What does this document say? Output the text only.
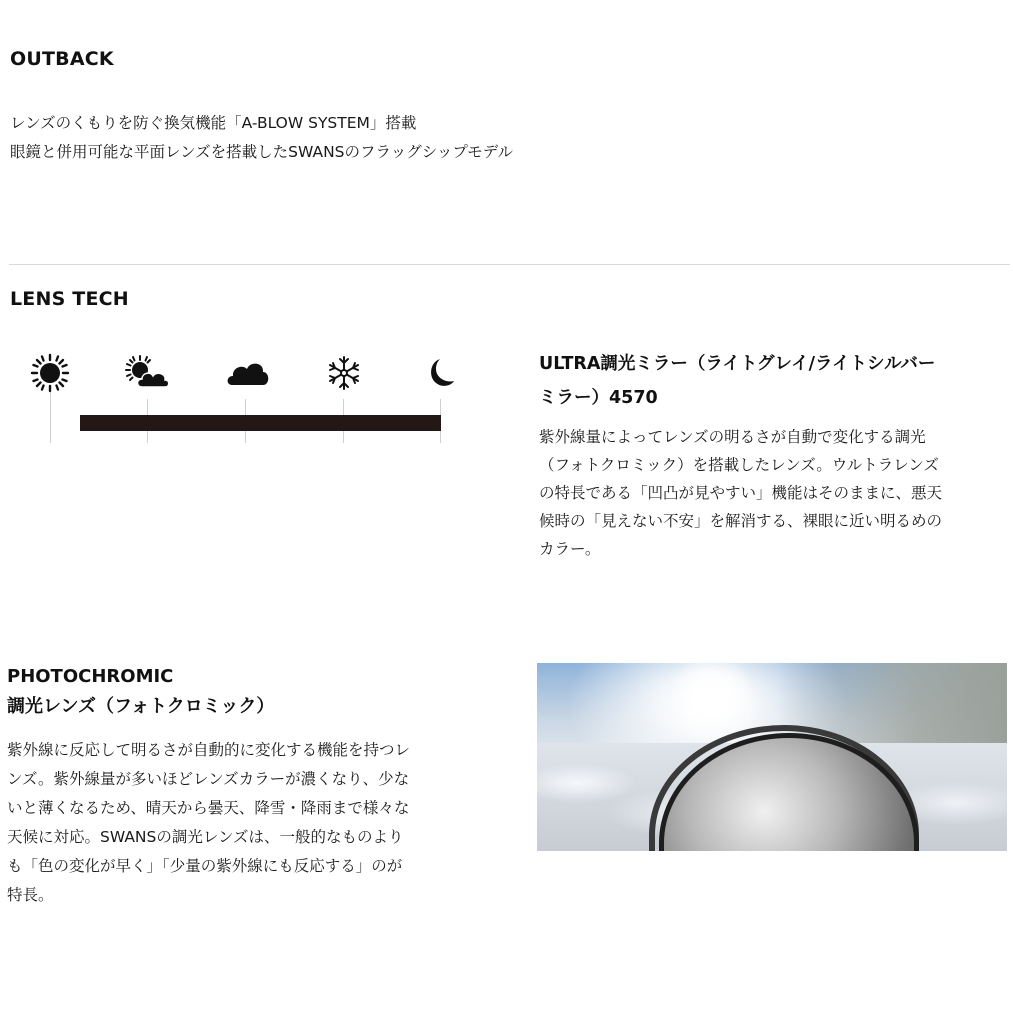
OUTBACK
レンズのくもりを防ぐ換気機能「A-BLOW SYSTEM」搭載
眼鏡と併用可能な平面レンズを搭載したSWANSのフラッグシップモデル
LENS TECH
ULTRA調光ミラー（ライトグレイ/ライトシルバー
ミラー）4570
紫外線量によってレンズの明るさが自動で変化する調光
（フォトクロミック）を搭載したレンズ。ウルトラレンズ
の特長である「凹凸が見やすい」機能はそのままに、悪天
候時の「見えない不安」を解消する、裸眼に近い明るめの
カラー。
PHOTOCHROMIC
調光レンズ（フォトクロミック）
紫外線に反応して明るさが自動的に変化する機能を持つレ
ンズ。紫外線量が多いほどレンズカラーが濃くなり、少な
いと薄くなるため、晴天から曇天、降雪・降雨まで様々な
天候に対応。SWANSの調光レンズは、一般的なものより
も「色の変化が早く」「少量の紫外線にも反応する」のが
特長。
